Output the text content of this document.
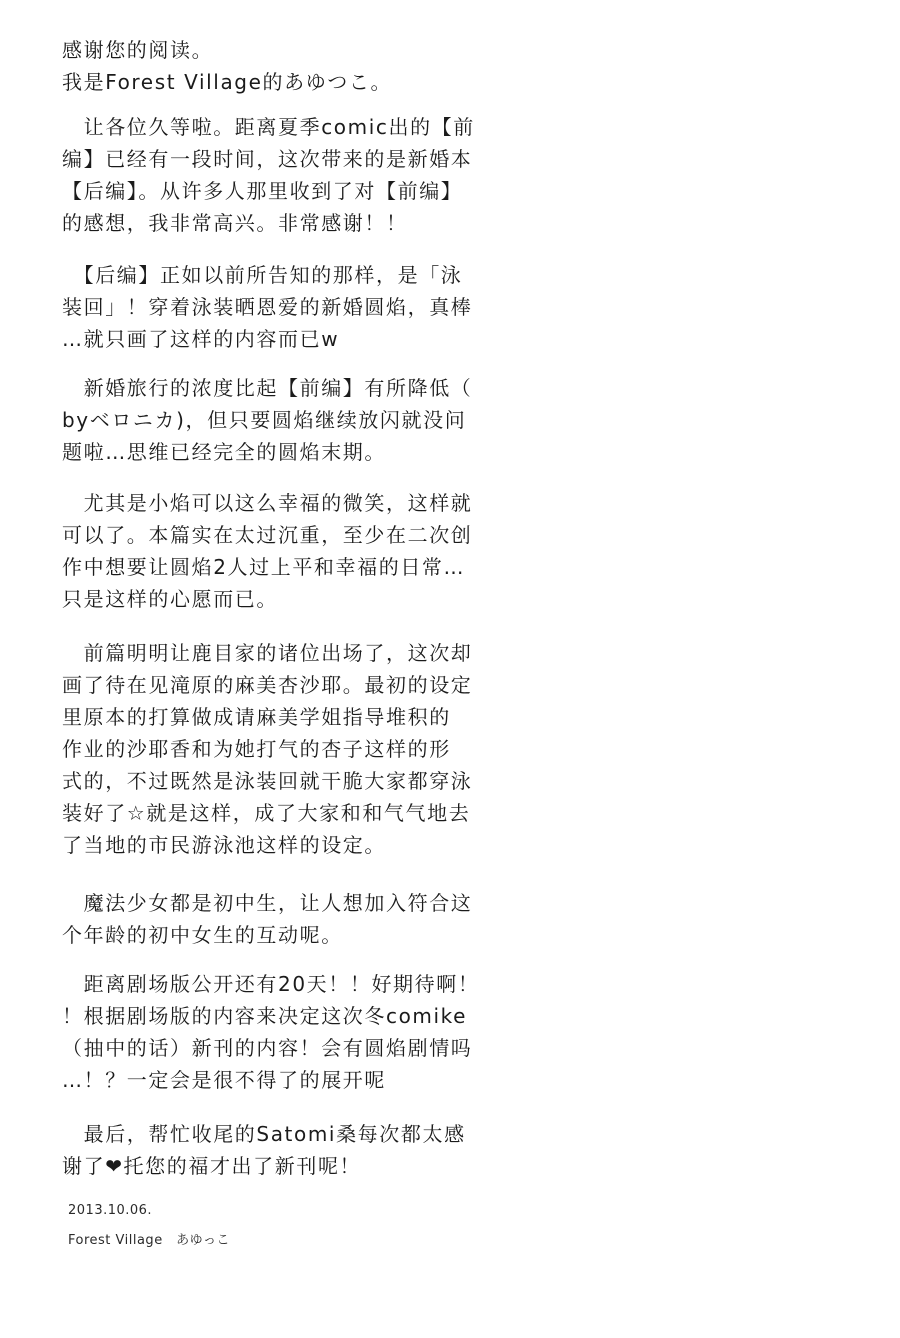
感谢您的阅读。
我是Forest Village的あゆつこ。
　让各位久等啦。距离夏季comic出的【前
编】已经有一段时间，这次带来的是新婚本
【后编】。从许多人那里收到了对【前编】
的感想，我非常高兴。非常感谢！！
　【后编】正如以前所告知的那样，是「泳
装回」！穿着泳装晒恩爱的新婚圆焰，真棒
…就只画了这样的内容而已w
　新婚旅行的浓度比起【前编】有所降低（
byベロニカ)，但只要圆焰继续放闪就没问
题啦…思维已经完全的圆焰末期。
　尤其是小焰可以这么幸福的微笑，这样就
可以了。本篇实在太过沉重，至少在二次创
作中想要让圆焰2人过上平和幸福的日常…
只是这样的心愿而已。
　前篇明明让鹿目家的诸位出场了，这次却
画了待在见滝原的麻美杏沙耶。最初的设定
里原本的打算做成请麻美学姐指导堆积的
作业的沙耶香和为她打气的杏子这样的形
式的，不过既然是泳装回就干脆大家都穿泳
装好了☆就是这样，成了大家和和气气地去
了当地的市民游泳池这样的设定。
　魔法少女都是初中生，让人想加入符合这
个年龄的初中女生的互动呢。
　距离剧场版公开还有20天！！好期待啊！
！根据剧场版的内容来决定这次冬comike
（抽中的话）新刊的内容！会有圆焰剧情吗
…！？一定会是很不得了的展开呢
　最后，帮忙收尾的Satomi桑每次都太感
谢了❤托您的福才出了新刊呢！
2013.10.06.
Forest Village　あゆっこ
